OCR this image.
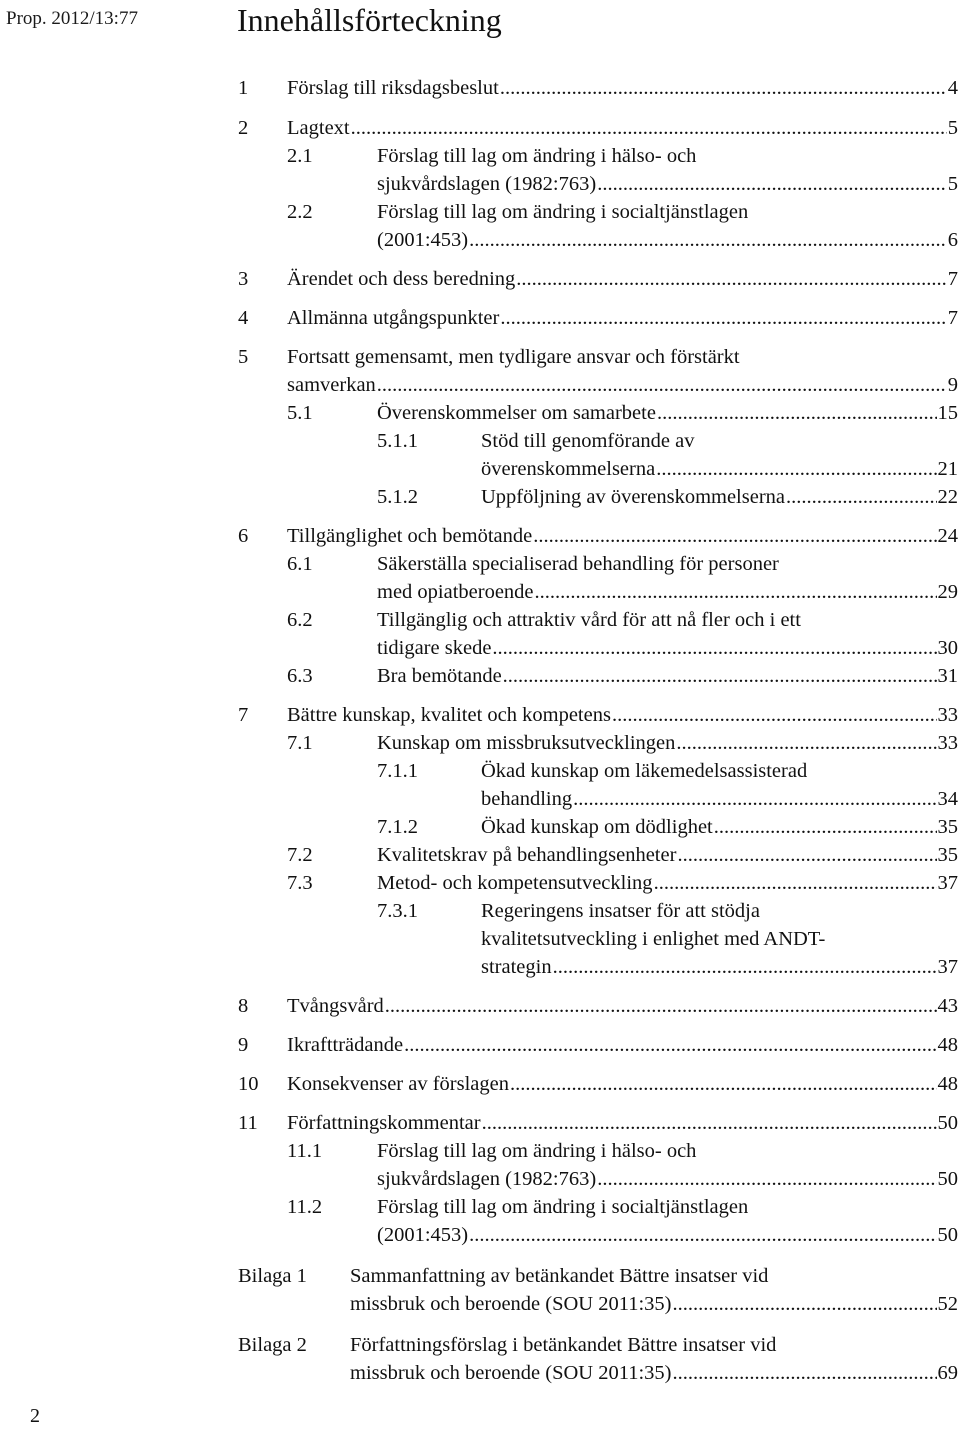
Prop. 2012/13:77	Innehållsförteckning
1	Förslag till riksdagsbeslut .....	4
2	Lagtext .....	5
2.1	Förslag till lag om ändring i hälso- och
sjukvårdslagen (1982:763) .....	5
2.2	Förslag till lag om ändring i socialtjänstlagen
(2001:453) .....	6
3	Ärendet och dess beredning .....	7
4	Allmänna utgångspunkter .....	7
5	Fortsatt gemensamt, men tydligare ansvar och förstärkt
samverkan .....	9
5.1	Överenskommelser om samarbete .....	15
5.1.1	Stöd till genomförande av
överenskommelserna .....	21
5.1.2	Uppföljning av överenskommelserna .....	22
6	Tillgänglighet och bemötande .....	24
6.1	Säkerställa specialiserad behandling för personer
med opiatberoende .....	29
6.2	Tillgänglig och attraktiv vård för att nå fler och i ett
tidigare skede .....	30
6.3	Bra bemötande .....	31
7	Bättre kunskap, kvalitet och kompetens .....	33
7.1	Kunskap om missbruksutvecklingen .....	33
7.1.1	Ökad kunskap om läkemedelsassisterad
behandling .....	34
7.1.2	Ökad kunskap om dödlighet .....	35
7.2	Kvalitetskrav på behandlingsenheter .....	35
7.3	Metod- och kompetensutveckling .....	37
7.3.1	Regeringens insatser för att stödja
kvalitetsutveckling i enlighet med ANDT-
strategin .....	37
8	Tvångsvård .....	43
9	Ikraftträdande .....	48
10	Konsekvenser av förslagen .....	48
11	Författningskommentar .....	50
11.1	Förslag till lag om ändring i hälso- och
sjukvårdslagen (1982:763) .....	50
11.2	Förslag till lag om ändring i socialtjänstlagen
(2001:453) .....	50
Bilaga 1	Sammanfattning av betänkandet Bättre insatser vid
missbruk och beroende (SOU 2011:35) .....	52
Bilaga 2	Författningsförslag i betänkandet Bättre insatser vid
missbruk och beroende (SOU 2011:35) .....	69
2
